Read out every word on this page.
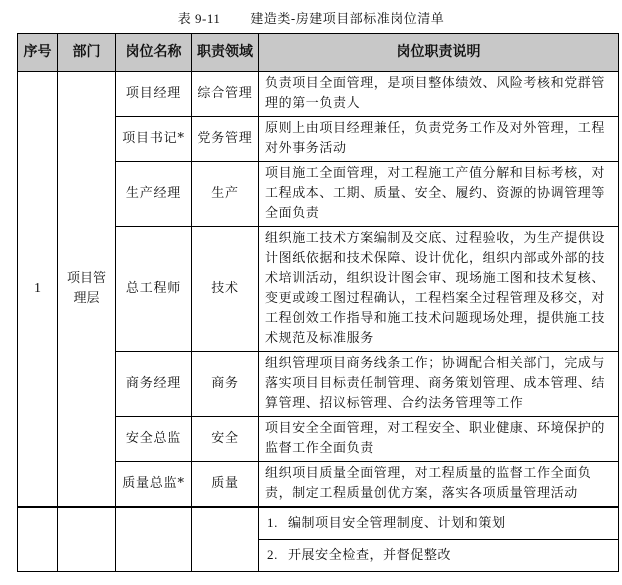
表 9-11 建造类-房建项目部标准岗位清单
序号	部门	岗位名称	职责领域	岗位职责说明
1	项目管理层	项目经理	综合管理	负责项目全面管理，是项目整体绩效、风险考核和党群管理的第一负责人
		项目书记*	党务管理	原则上由项目经理兼任，负责党务工作及对外管理，工程对外事务活动
		生产经理	生产	项目施工全面管理，对工程施工产值分解和目标考核，对工程成本、工期、质量、安全、履约、资源的协调管理等全面负责
		总工程师	技术	组织施工技术方案编制及交底、过程验收，为生产提供设计图纸依据和技术保障、设计优化，组织内部或外部的技术培训活动，组织设计图会审、现场施工图和技术复核、变更或竣工图过程确认，工程档案全过程管理及移交，对工程创效工作指导和施工技术问题现场处理，提供施工技术规范及标准服务
		商务经理	商务	组织管理项目商务线条工作；协调配合相关部门，完成与落实项目目标责任制管理、商务策划管理、成本管理、结算管理、招议标管理、合约法务管理等工作
		安全总监	安全	项目安全全面管理，对工程安全、职业健康、环境保护的监督工作全面负责
		质量总监*	质量	组织项目质量全面管理，对工程质量的监督工作全面负责，制定工程质量创优方案，落实各项质量管理活动
				1. 编制项目安全管理制度、计划和策划
				2. 开展安全检查，并督促整改
